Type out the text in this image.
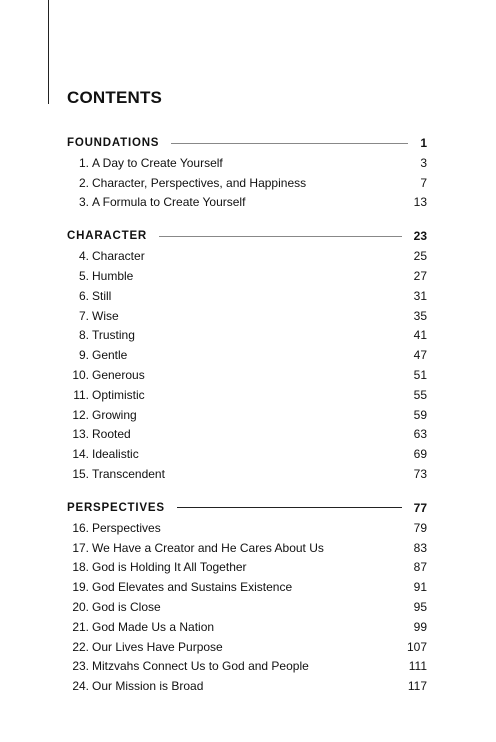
CONTENTS
FOUNDATIONS	1
1. A Day to Create Yourself	3
2. Character, Perspectives, and Happiness	7
3. A Formula to Create Yourself	13
CHARACTER	23
4. Character	25
5. Humble	27
6. Still	31
7. Wise	35
8. Trusting	41
9. Gentle	47
10. Generous	51
11. Optimistic	55
12. Growing	59
13. Rooted	63
14. Idealistic	69
15. Transcendent	73
PERSPECTIVES	77
16. Perspectives	79
17. We Have a Creator and He Cares About Us	83
18. God is Holding It All Together	87
19. God Elevates and Sustains Existence	91
20. God is Close	95
21. God Made Us a Nation	99
22. Our Lives Have Purpose	107
23. Mitzvahs Connect Us to God and People	111
24. Our Mission is Broad	117
